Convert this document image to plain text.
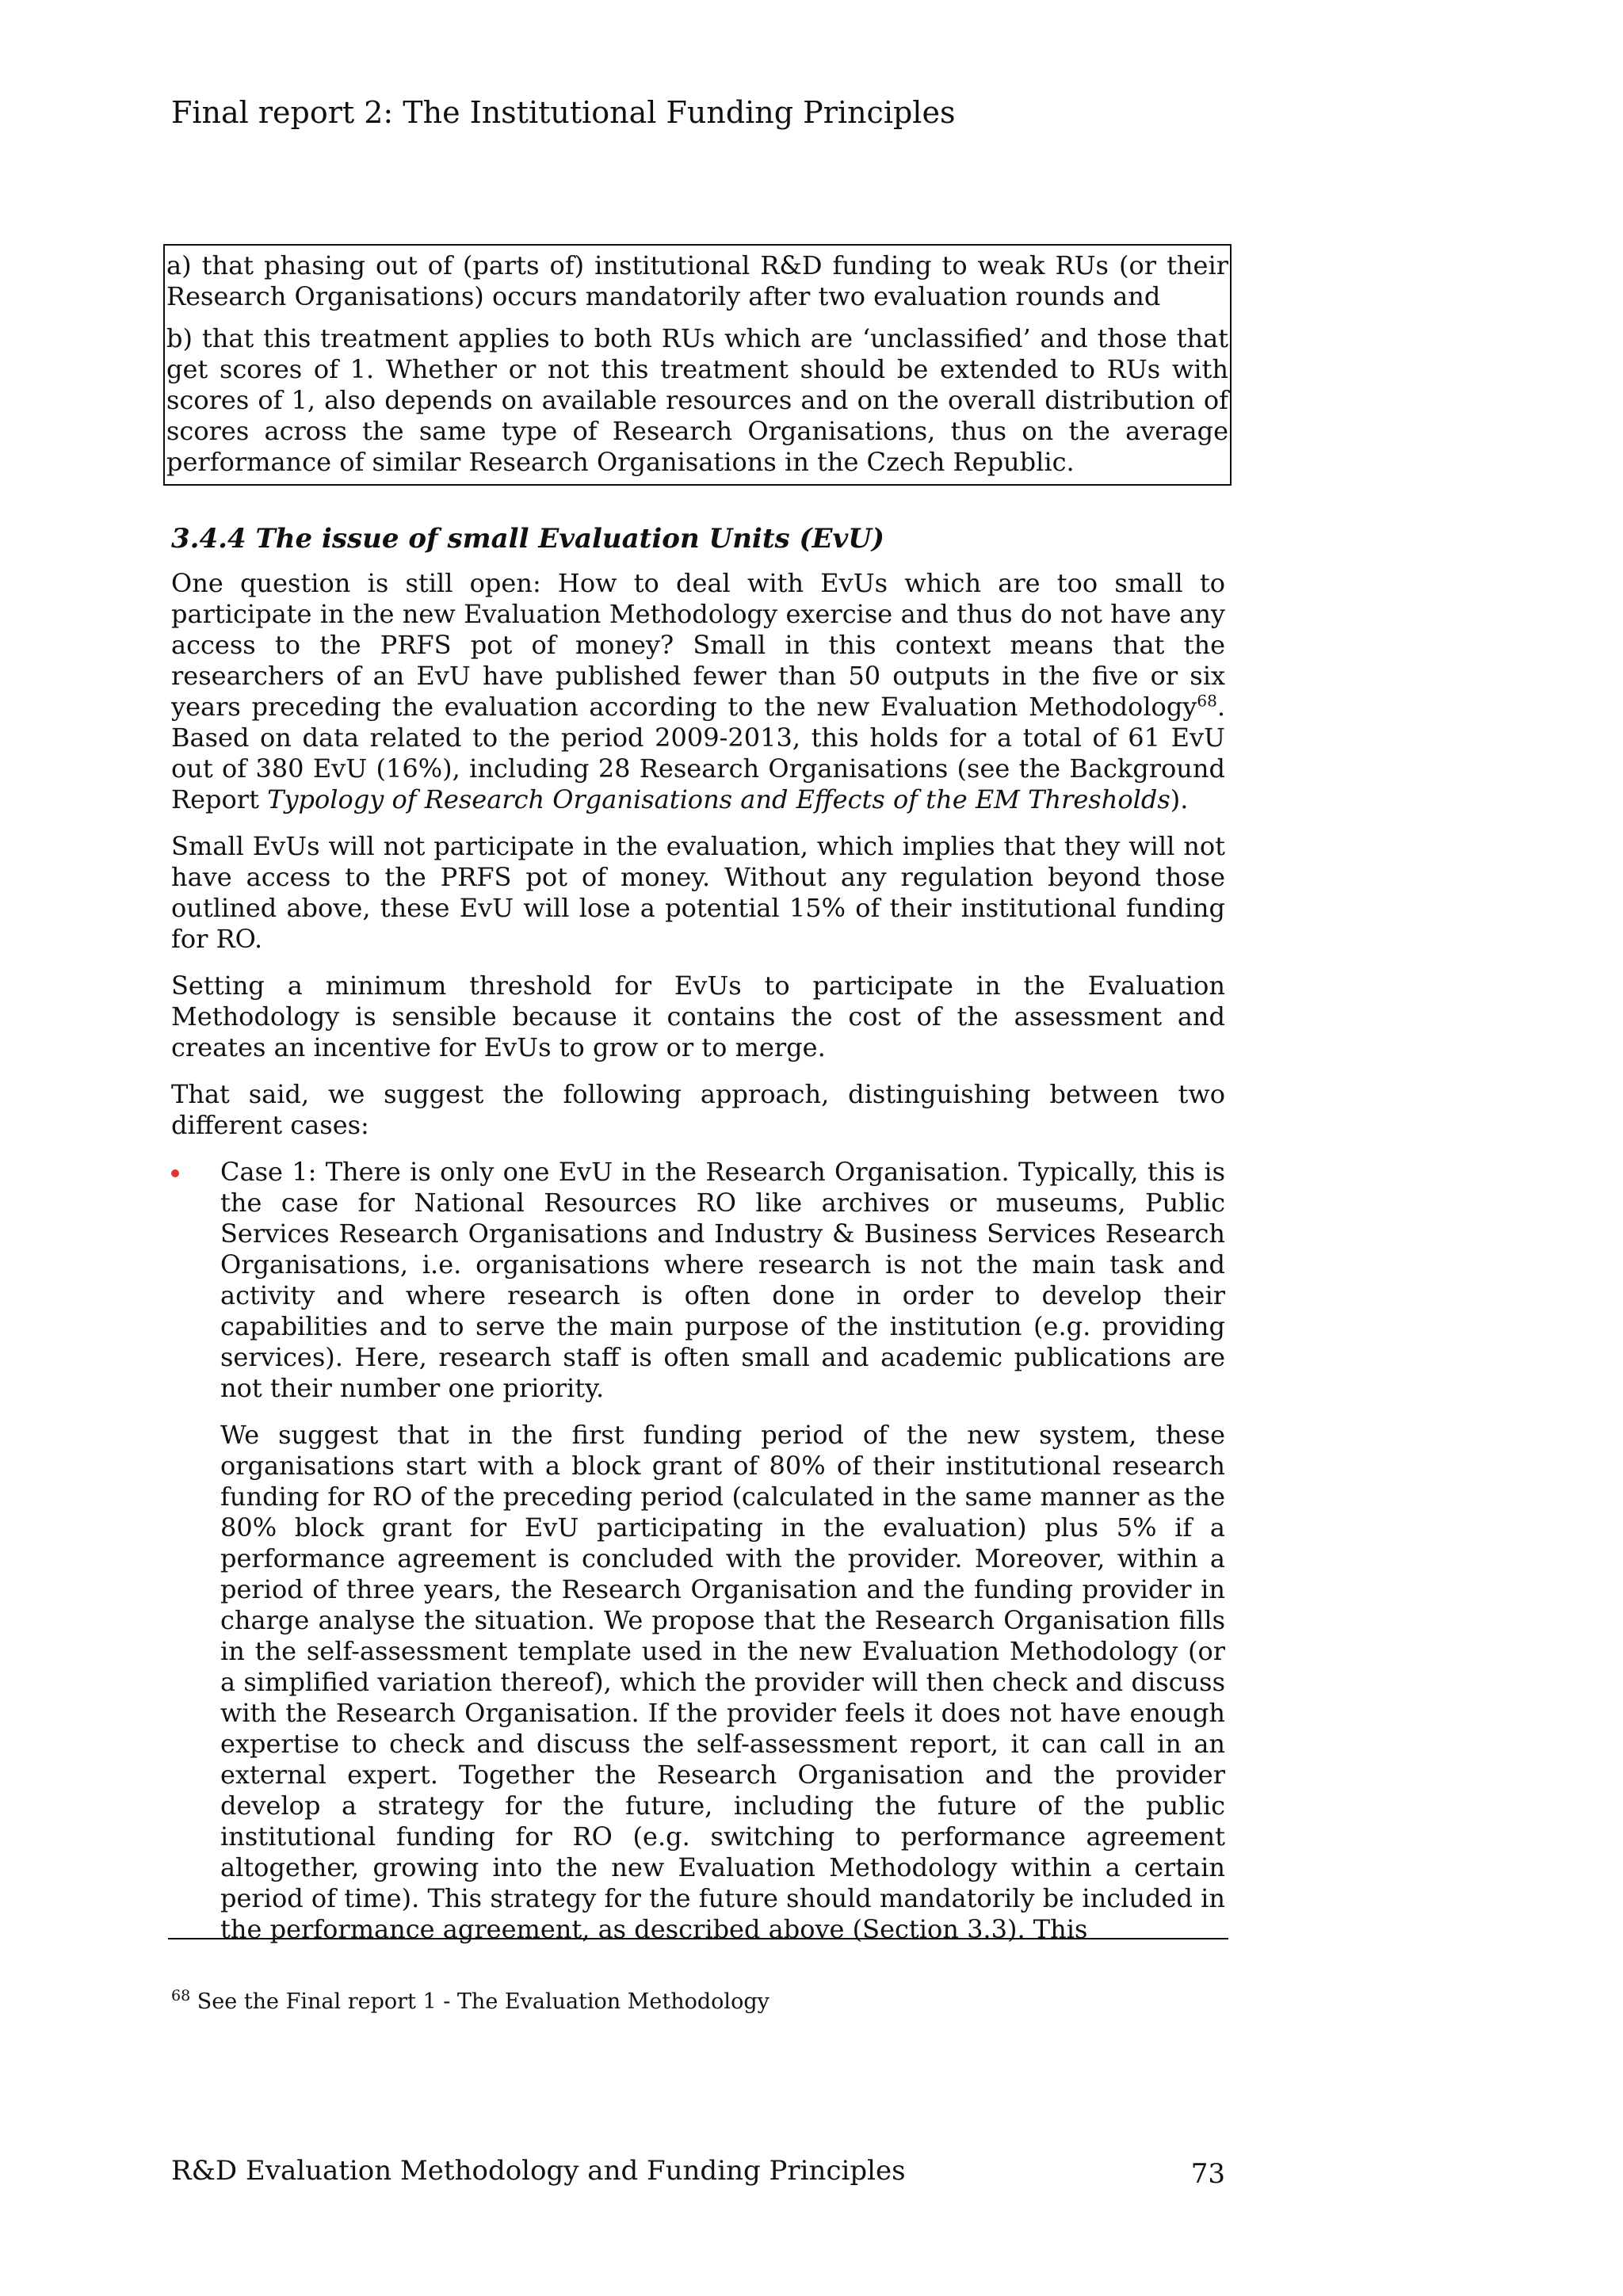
Final report 2: The Institutional Funding Principles

a) that phasing out of (parts of) institutional R&D funding to weak RUs (or their Research Organisations) occurs mandatorily after two evaluation rounds and

b) that this treatment applies to both RUs which are ‘unclassified’ and those that get scores of 1. Whether or not this treatment should be extended to RUs with scores of 1, also depends on available resources and on the overall distribution of scores across the same type of Research Organisations, thus on the average performance of similar Research Organisations in the Czech Republic.

3.4.4 The issue of small Evaluation Units (EvU)

One question is still open: How to deal with EvUs which are too small to participate in the new Evaluation Methodology exercise and thus do not have any access to the PRFS pot of money? Small in this context means that the researchers of an EvU have published fewer than 50 outputs in the five or six years preceding the evaluation according to the new Evaluation Methodology$^{68}$. Based on data related to the period 2009-2013, this holds for a total of 61 EvU out of 380 EvU (16%), including 28 Research Organisations (see the Background Report Typology of Research Organisations and Effects of the EM Thresholds).

Small EvUs will not participate in the evaluation, which implies that they will not have access to the PRFS pot of money. Without any regulation beyond those outlined above, these EvU will lose a potential 15% of their institutional funding for RO.

Setting a minimum threshold for EvUs to participate in the Evaluation Methodology is sensible because it contains the cost of the assessment and creates an incentive for EvUs to grow or to merge.

That said, we suggest the following approach, distinguishing between two different cases:

Case 1: There is only one EvU in the Research Organisation. Typically, this is the case for National Resources RO like archives or museums, Public Services Research Organisations and Industry & Business Services Research Organisations, i.e. organisations where research is not the main task and activity and where research is often done in order to develop their capabilities and to serve the main purpose of the institution (e.g. providing services). Here, research staff is often small and academic publications are not their number one priority.

We suggest that in the first funding period of the new system, these organisations start with a block grant of 80% of their institutional research funding for RO of the preceding period (calculated in the same manner as the 80% block grant for EvU participating in the evaluation) plus 5% if a performance agreement is concluded with the provider. Moreover, within a period of three years, the Research Organisation and the funding provider in charge analyse the situation. We propose that the Research Organisation fills in the self-assessment template used in the new Evaluation Methodology (or a simplified variation thereof), which the provider will then check and discuss with the Research Organisation. If the provider feels it does not have enough expertise to check and discuss the self-assessment report, it can call in an external expert. Together the Research Organisation and the provider develop a strategy for the future, including the future of the public institutional funding for RO (e.g. switching to performance agreement altogether, growing into the new Evaluation Methodology within a certain period of time). This strategy for the future should mandatorily be included in the performance agreement, as described above (Section 3.3). This

$^{68}$ See the Final report 1 - The Evaluation Methodology
R&D Evaluation Methodology and Funding Principles	73
